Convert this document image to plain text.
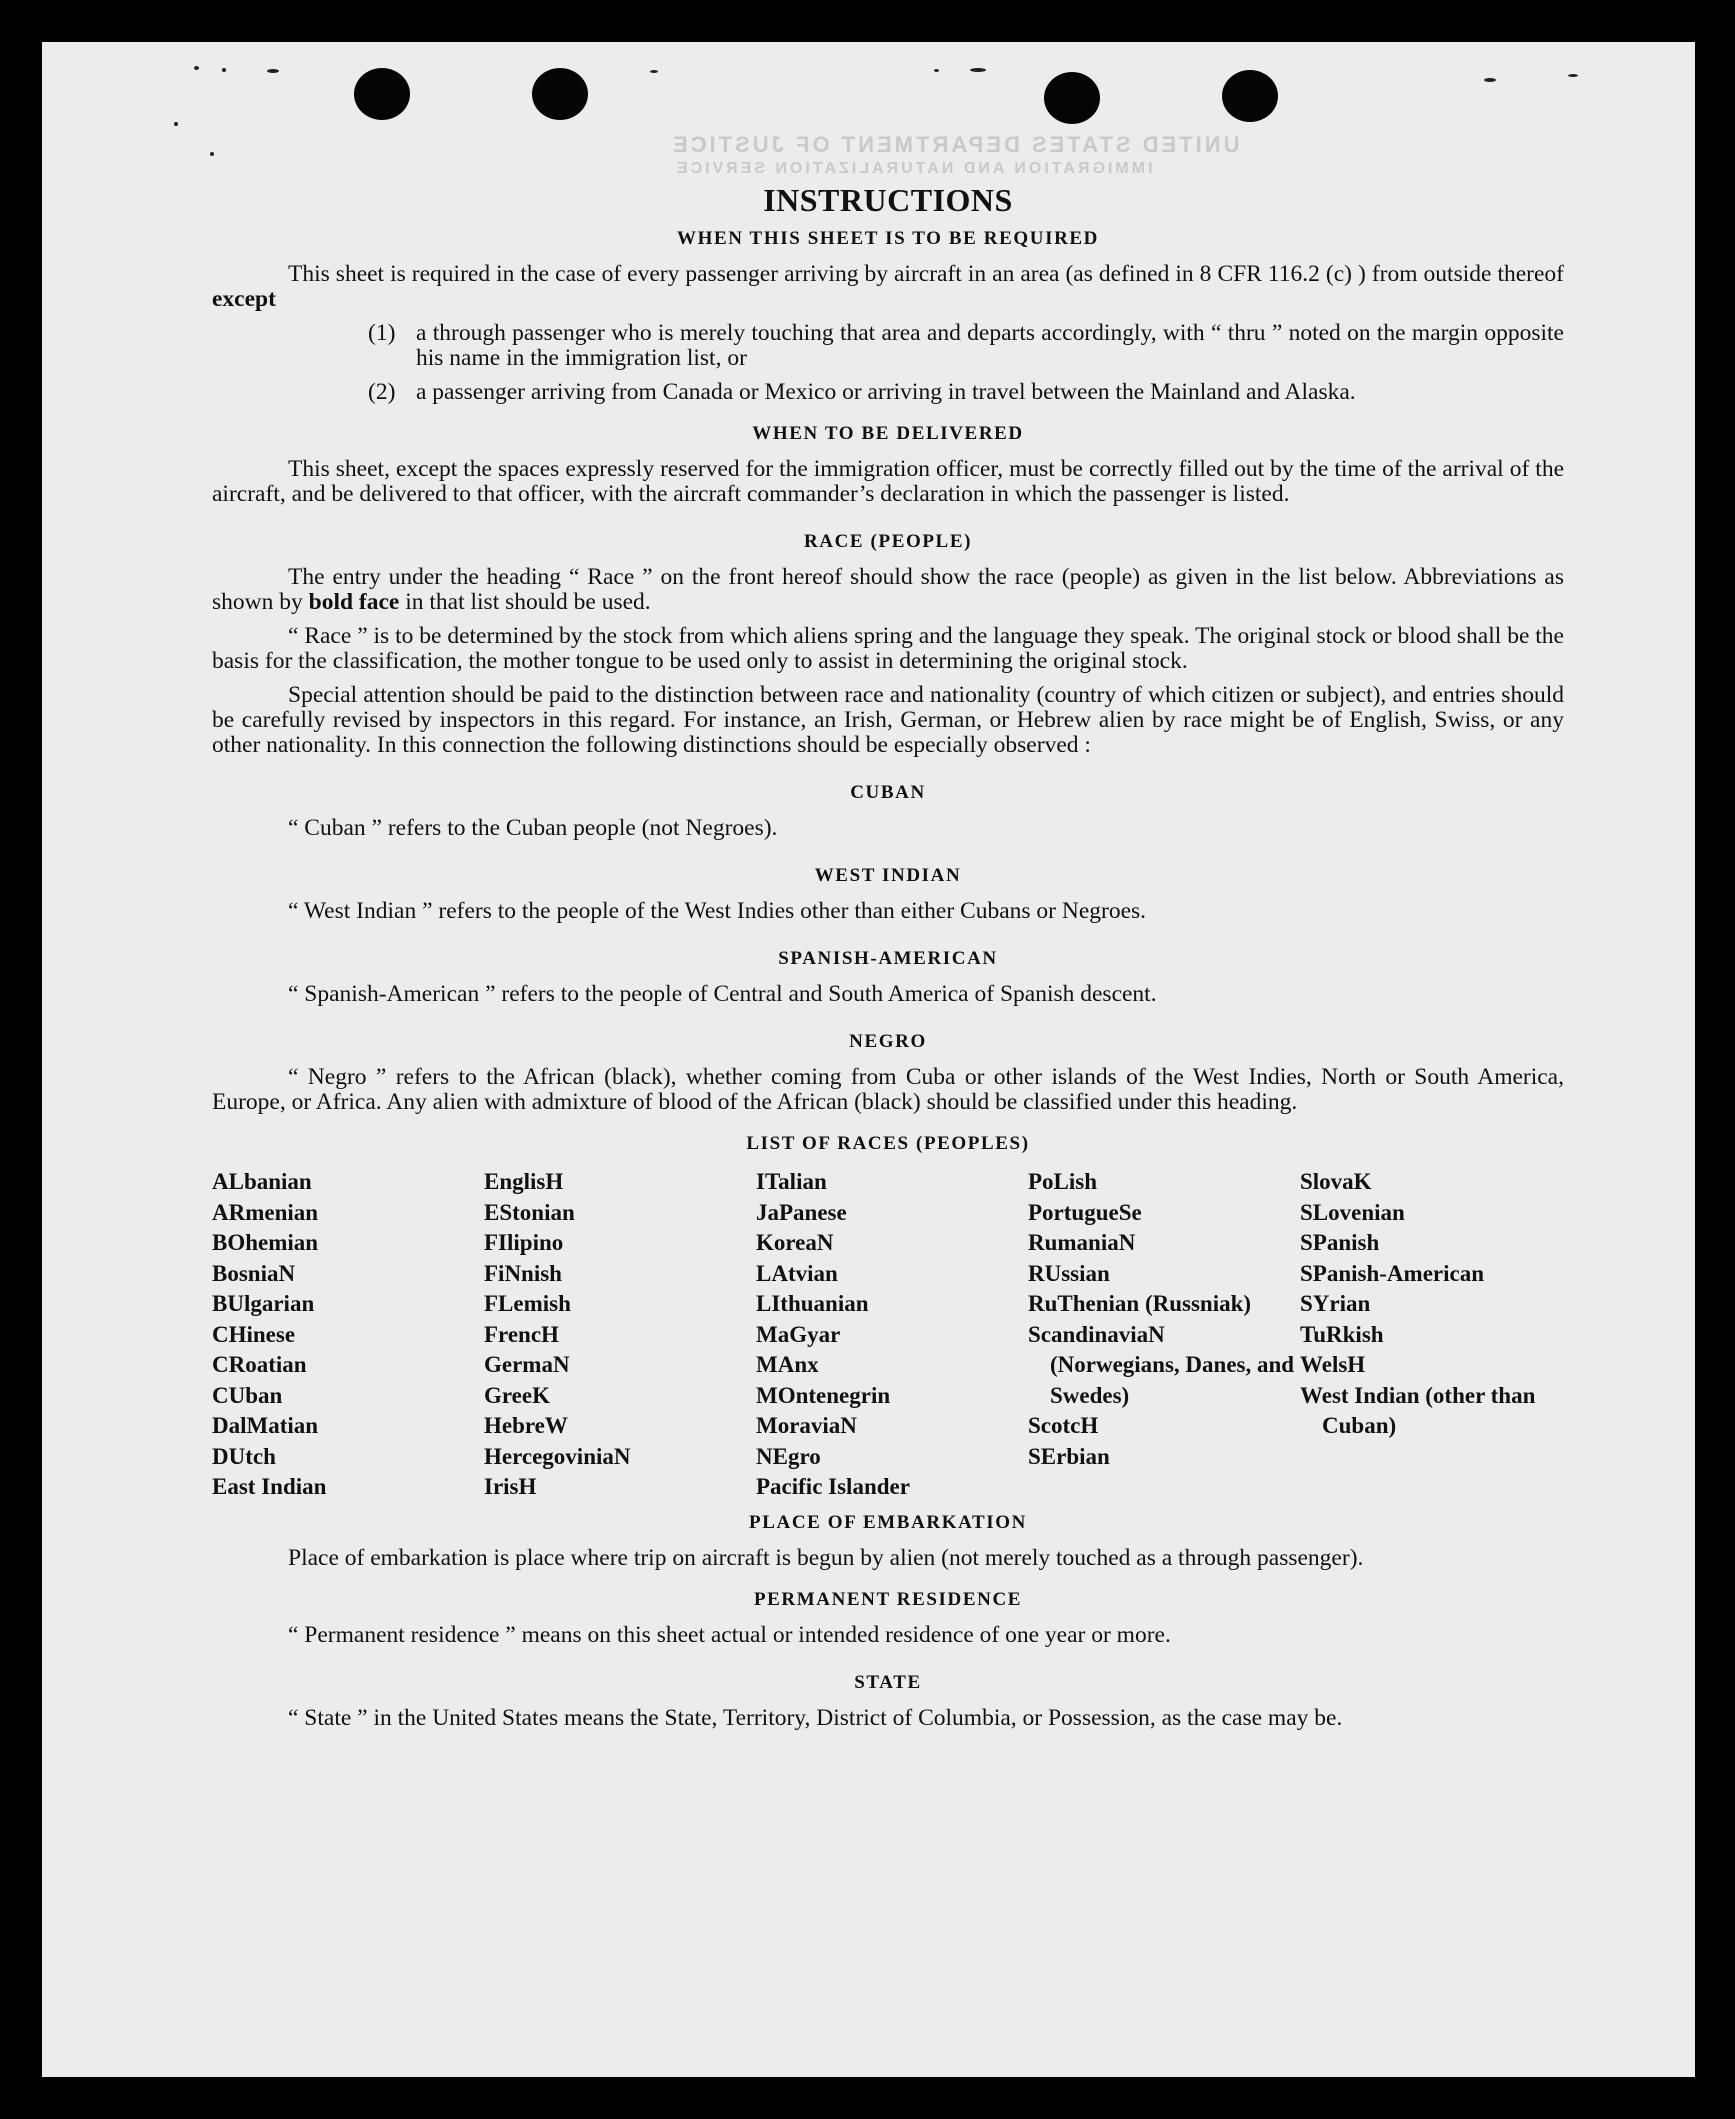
UNITED STATES DEPARTMENT OF JUSTICE
IMMIGRATION AND NATURALIZATION SERVICE
INSTRUCTIONS
WHEN THIS SHEET IS TO BE REQUIRED

This sheet is required in the case of every passenger arriving by aircraft in an area (as defined in 8 CFR 116.2 (c) ) from outside thereof except

(1) a through passenger who is merely touching that area and departs accordingly, with “ thru ” noted on the margin opposite his name in the immigration list, or
(2) a passenger arriving from Canada or Mexico or arriving in travel between the Mainland and Alaska.
WHEN TO BE DELIVERED

This sheet, except the spaces expressly reserved for the immigration officer, must be correctly filled out by the time of the arrival of the aircraft, and be delivered to that officer, with the aircraft commander’s declaration in which the passenger is listed.

RACE (PEOPLE)

The entry under the heading “ Race ” on the front hereof should show the race (people) as given in the list below. Abbreviations as shown by bold face in that list should be used.

“ Race ” is to be determined by the stock from which aliens spring and the language they speak. The original stock or blood shall be the basis for the classification, the mother tongue to be used only to assist in determining the original stock.

Special attention should be paid to the distinction between race and nationality (country of which citizen or subject), and entries should be carefully revised by inspectors in this regard. For instance, an Irish, German, or Hebrew alien by race might be of English, Swiss, or any other nationality. In this connection the following distinctions should be especially observed :

CUBAN

“ Cuban ” refers to the Cuban people (not Negroes).

WEST INDIAN

“ West Indian ” refers to the people of the West Indies other than either Cubans or Negroes.

SPANISH-AMERICAN

“ Spanish-American ” refers to the people of Central and South America of Spanish descent.

NEGRO

“ Negro ” refers to the African (black), whether coming from Cuba or other islands of the West Indies, North or South America, Europe, or Africa. Any alien with admixture of blood of the African (black) should be classified under this heading.

LIST OF RACES (PEOPLES)
ALbanian
ARmenian
BOhemian
BosniaN
BUlgarian
CHinese
CRoatian
CUban
DalMatian
DUtch
East Indian
EnglisH
EStonian
FIlipino
FiNnish
FLemish
FrencH
GermaN
GreeK
HebreW
HercegoviniaN
IrisH
ITalian
JaPanese
KoreaN
LAtvian
LIthuanian
MaGyar
MAnx
MOntenegrin
MoraviaN
NEgro
Pacific Islander
PoLish
PortugueSe
RumaniaN
RUssian
RuThenian (Russniak)
ScandinaviaN (Norwegians, Danes, and Swedes)
ScotcH
SErbian
SlovaK
SLovenian
SPanish
SPanish-American
SYrian
TuRkish
WelsH
West Indian (other than Cuban)
PLACE OF EMBARKATION

Place of embarkation is place where trip on aircraft is begun by alien (not merely touched as a through passenger).

PERMANENT RESIDENCE

“ Permanent residence ” means on this sheet actual or intended residence of one year or more.

STATE

“ State ” in the United States means the State, Territory, District of Columbia, or Possession, as the case may be.
